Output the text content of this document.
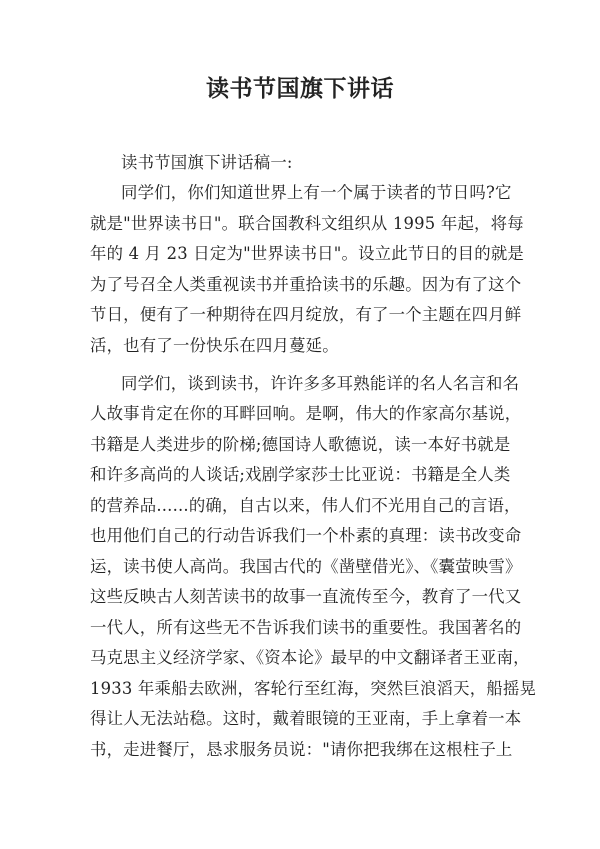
读书节国旗下讲话
读书节国旗下讲话稿一:
同学们，你们知道世界上有一个属于读者的节日吗?它
就是"世界读书日"。联合国教科文组织从 1995 年起，将每
年的 4 月 23 日定为"世界读书日"。设立此节日的目的就是
为了号召全人类重视读书并重拾读书的乐趣。因为有了这个
节日，便有了一种期待在四月绽放，有了一个主题在四月鲜
活，也有了一份快乐在四月蔓延。
同学们，谈到读书，许许多多耳熟能详的名人名言和名
人故事肯定在你的耳畔回响。是啊，伟大的作家高尔基说，
书籍是人类进步的阶梯;德国诗人歌德说，读一本好书就是
和许多高尚的人谈话;戏剧学家莎士比亚说：书籍是全人类
的营养品......的确，自古以来，伟人们不光用自己的言语，
也用他们自己的行动告诉我们一个朴素的真理：读书改变命
运，读书使人高尚。我国古代的《凿壁借光》、《囊萤映雪》
这些反映古人刻苦读书的故事一直流传至今，教育了一代又
一代人，所有这些无不告诉我们读书的重要性。我国著名的
马克思主义经济学家、《资本论》最早的中文翻译者王亚南，
1933 年乘船去欧洲，客轮行至红海，突然巨浪滔天，船摇晃
得让人无法站稳。这时，戴着眼镜的王亚南，手上拿着一本
书，走进餐厅，恳求服务员说："请你把我绑在这根柱子上
